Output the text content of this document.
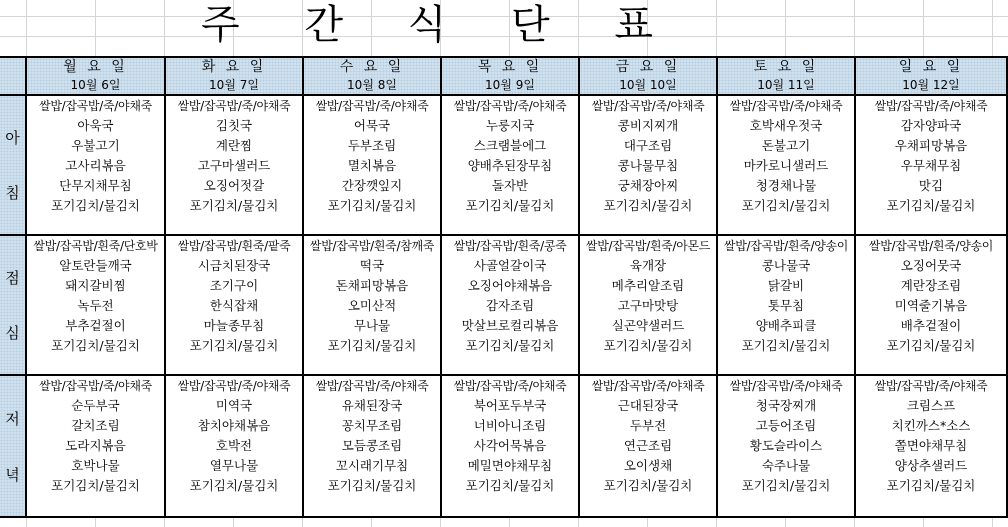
주 간 식 단 표
월 요 일
10월 6일
화 요 일
10월 7일
수 요 일
10월 8일
목 요 일
10월 9일
금 요 일
10월 10일
토 요 일
10월 11일
일 요 일
10월 12일
아
침
쌀밥/잡곡밥/죽/야채죽
아욱국
우불고기
고사리볶음
단무지채무침
포기김치/물김치
쌀밥/잡곡밥/죽/야채죽
김칫국
계란찜
고구마샐러드
오징어젓갈
포기김치/물김치
쌀밥/잡곡밥/죽/야채죽
어묵국
두부조림
멸치볶음
간장깻잎지
포기김치/물김치
쌀밥/잡곡밥/죽/야채죽
누룽지국
스크램블에그
양배추된장무침
돌자반
포기김치/물김치
쌀밥/잡곡밥/죽/야채죽
콩비지찌개
대구조림
콩나물무침
궁채장아찌
포기김치/물김치
쌀밥/잡곡밥/죽/야채죽
호박새우젓국
돈불고기
마카로니샐러드
청경채나물
포기김치/물김치
쌀밥/잡곡밥/죽/야채죽
감자양파국
우채피망볶음
우무채무침
맛김
포기김치/물김치
점
심
쌀밥/잡곡밥/흰죽/단호박
알토란들깨국
돼지갈비찜
녹두전
부추겉절이
포기김치/물김치
쌀밥/잡곡밥/흰죽/팥죽
시금치된장국
조기구이
한식잡채
마늘종무침
포기김치/물김치
쌀밥/잡곡밥/흰죽/참깨죽
떡국
돈채피망볶음
오미산적
무나물
포기김치/물김치
쌀밥/잡곡밥/흰죽/콩죽
사골얼갈이국
오징어야채볶음
감자조림
맛살브로컬리볶음
포기김치/물김치
쌀밥/잡곡밥/흰죽/아몬드
육개장
메추리알조림
고구마맛탕
실곤약샐러드
포기김치/물김치
쌀밥/잡곡밥/흰죽/양송이
콩나물국
닭갈비
톳무침
양배추피클
포기김치/물김치
쌀밥/잡곡밥/흰죽/양송이
오징어뭇국
계란장조림
미역줄기볶음
배추겉절이
포기김치/물김치
저
녁
쌀밥/잡곡밥/죽/야채죽
순두부국
갈치조림
도라지볶음
호박나물
포기김치/물김치
쌀밥/잡곡밥/죽/야채죽
미역국
참치야채볶음
호박전
열무나물
포기김치/물김치
쌀밥/잡곡밥/죽/야채죽
유채된장국
꽁치무조림
모듬콩조림
꼬시래기무침
포기김치/물김치
쌀밥/잡곡밥/죽/야채죽
북어포두부국
너비아니조림
사각어묵볶음
메밀면야채무침
포기김치/물김치
쌀밥/잡곡밥/죽/야채죽
근대된장국
두부전
연근조림
오이생채
포기김치/물김치
쌀밥/잡곡밥/죽/야채죽
청국장찌개
고등어조림
황도슬라이스
숙주나물
포기김치/물김치
쌀밥/잡곡밥/죽/야채죽
크림스프
치킨까스*소스
쫄면야채무침
양상추샐러드
포기김치/물김치
